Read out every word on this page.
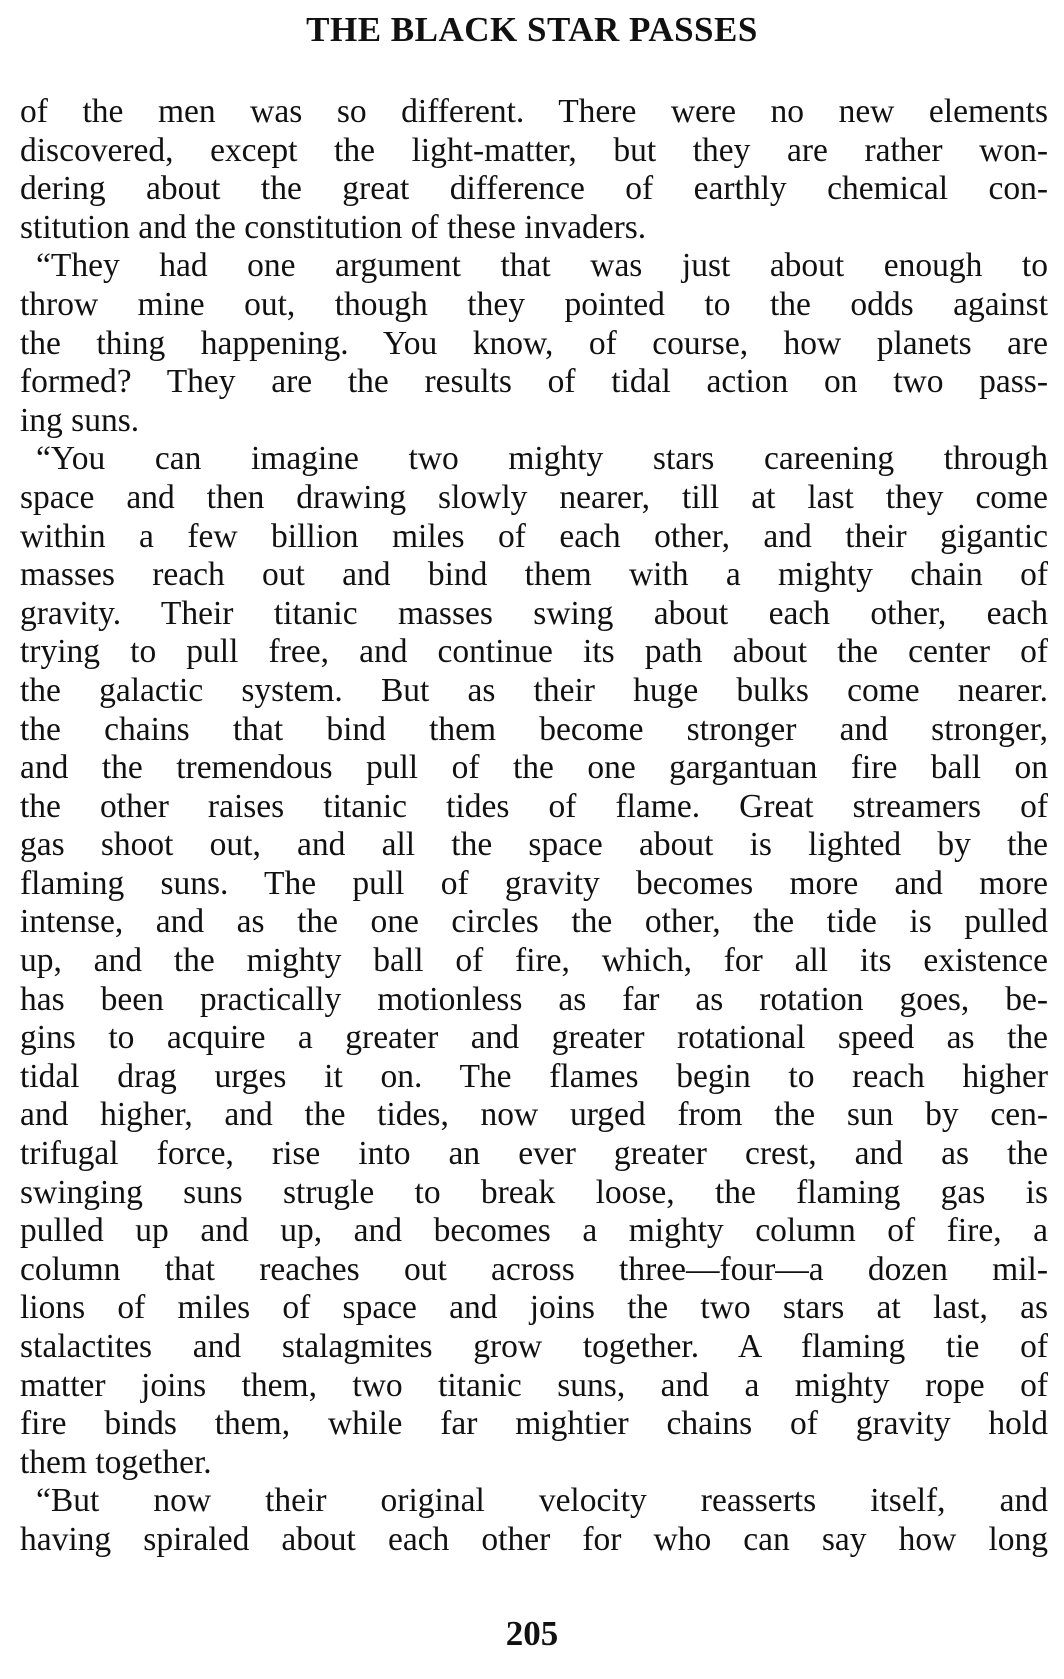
THE BLACK STAR PASSES
of the men was so different. There were no new elements
discovered, except the light-matter, but they are rather won-
dering about the great difference of earthly chemical con-
stitution and the constitution of these invaders.
“They had one argument that was just about enough to
throw mine out, though they pointed to the odds against
the thing happening. You know, of course, how planets are
formed? They are the results of tidal action on two pass-
ing suns.
“You can imagine two mighty stars careening through
space and then drawing slowly nearer, till at last they come
within a few billion miles of each other, and their gigantic
masses reach out and bind them with a mighty chain of
gravity. Their titanic masses swing about each other, each
trying to pull free, and continue its path about the center of
the galactic system. But as their huge bulks come nearer.
the chains that bind them become stronger and stronger,
and the tremendous pull of the one gargantuan fire ball on
the other raises titanic tides of flame. Great streamers of
gas shoot out, and all the space about is lighted by the
flaming suns. The pull of gravity becomes more and more
intense, and as the one circles the other, the tide is pulled
up, and the mighty ball of fire, which, for all its existence
has been practically motionless as far as rotation goes, be-
gins to acquire a greater and greater rotational speed as the
tidal drag urges it on. The flames begin to reach higher
and higher, and the tides, now urged from the sun by cen-
trifugal force, rise into an ever greater crest, and as the
swinging suns strugle to break loose, the flaming gas is
pulled up and up, and becomes a mighty column of fire, a
column that reaches out across three—four—a dozen mil-
lions of miles of space and joins the two stars at last, as
stalactites and stalagmites grow together. A flaming tie of
matter joins them, two titanic suns, and a mighty rope of
fire binds them, while far mightier chains of gravity hold
them together.
“But now their original velocity reasserts itself, and
having spiraled about each other for who can say how long
205
